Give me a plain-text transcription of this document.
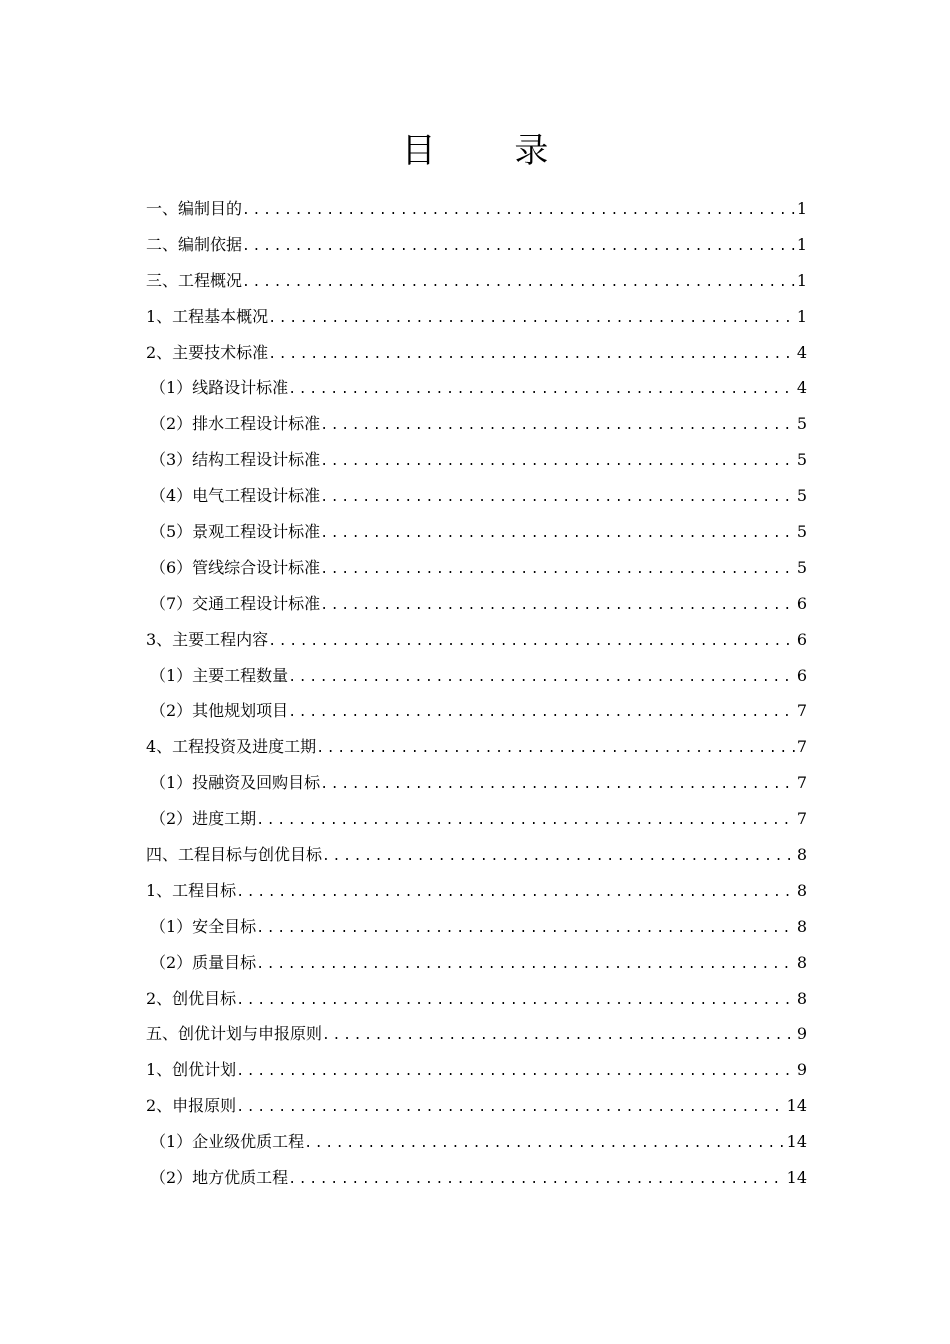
目 录
一、编制目的 .....	1
二、编制依据 .....	1
三、工程概况 .....	1
1、工程基本概况 .....	1
2、主要技术标准 .....	4
（1）线路设计标准 .....	4
（2）排水工程设计标准 .....	5
（3）结构工程设计标准 .....	5
（4）电气工程设计标准 .....	5
（5）景观工程设计标准 .....	5
（6）管线综合设计标准 .....	5
（7）交通工程设计标准 .....	6
3、主要工程内容 .....	6
（1）主要工程数量 .....	6
（2）其他规划项目 .....	7
4、工程投资及进度工期 .....	7
（1）投融资及回购目标 .....	7
（2）进度工期 .....	7
四、工程目标与创优目标 .....	8
1、工程目标 .....	8
（1）安全目标 .....	8
（2）质量目标 .....	8
2、创优目标 .....	8
五、创优计划与申报原则 .....	9
1、创优计划 .....	9
2、申报原则 .....	14
（1）企业级优质工程 .....	14
（2）地方优质工程 .....	14
